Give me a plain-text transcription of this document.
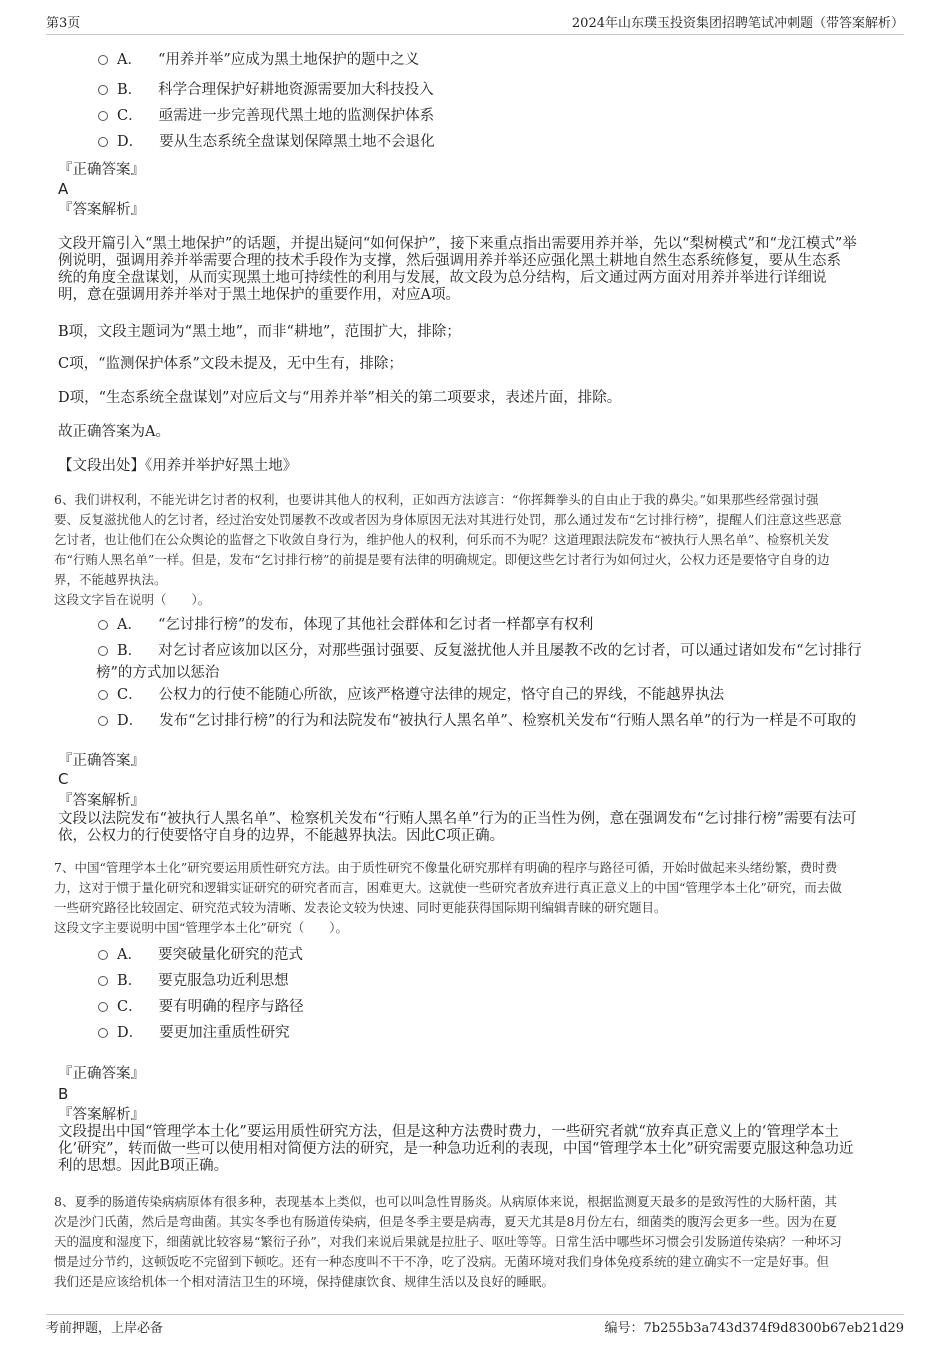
第3页	2024年山东璞玉投资集团招聘笔试冲刺题（带答案解析）
A． “用养并举”应成为黑土地保护的题中之义
B． 科学合理保护好耕地资源需要加大科技投入
C． 亟需进一步完善现代黑土地的监测保护体系
D． 要从生态系统全盘谋划保障黑土地不会退化
『正确答案』
A
『答案解析』
文段开篇引入“黑土地保护”的话题，并提出疑问“如何保护”，接下来重点指出需要用养并举，先以“梨树模式”和“龙江模式”举
例说明，强调用养并举需要合理的技术手段作为支撑，然后强调用养并举还应强化黑土耕地自然生态系统修复，要从生态系
统的角度全盘谋划，从而实现黑土地可持续性的利用与发展，故文段为总分结构，后文通过两方面对用养并举进行详细说
明，意在强调用养并举对于黑土地保护的重要作用，对应A项。
B项，文段主题词为“黑土地”，而非“耕地”，范围扩大，排除；
C项，“监测保护体系”文段未提及，无中生有，排除；
D项，“生态系统全盘谋划”对应后文与“用养并举”相关的第二项要求，表述片面，排除。
故正确答案为A。
【文段出处】《用养并举护好黑土地》
6、我们讲权利，不能光讲乞讨者的权利，也要讲其他人的权利，正如西方法谚言：“你挥舞拳头的自由止于我的鼻尖。”如果那些经常强讨强
要、反复滋扰他人的乞讨者，经过治安处罚屡教不改或者因为身体原因无法对其进行处罚，那么通过发布“乞讨排行榜”，提醒人们注意这些恶意
乞讨者，也让他们在公众舆论的监督之下收敛自身行为，维护他人的权利，何乐而不为呢？这道理跟法院发布“被执行人黑名单”、检察机关发
布“行贿人黑名单”一样。但是，发布“乞讨排行榜”的前提是要有法律的明确规定。即便这些乞讨者行为如何过火，公权力还是要恪守自身的边
界，不能越界执法。
这段文字旨在说明（　　）。
A． “乞讨排行榜”的发布，体现了其他社会群体和乞讨者一样都享有权利
B． 对乞讨者应该加以区分，对那些强讨强要、反复滋扰他人并且屡教不改的乞讨者，可以通过诸如发布“乞讨排行
榜”的方式加以惩治
C． 公权力的行使不能随心所欲，应该严格遵守法律的规定，恪守自己的界线，不能越界执法
D． 发布“乞讨排行榜”的行为和法院发布“被执行人黑名单”、检察机关发布“行贿人黑名单”的行为一样是不可取的
『正确答案』
C
『答案解析』
文段以法院发布“被执行人黑名单”、检察机关发布“行贿人黑名单”行为的正当性为例，意在强调发布“乞讨排行榜”需要有法可
依，公权力的行使要恪守自身的边界，不能越界执法。因此C项正确。
7、中国“管理学本土化”研究要运用质性研究方法。由于质性研究不像量化研究那样有明确的程序与路径可循，开始时做起来头绪纷繁，费时费
力，这对于惯于量化研究和逻辑实证研究的研究者而言，困难更大。这就使一些研究者放弃进行真正意义上的中国“管理学本土化”研究，而去做
一些研究路径比较固定、研究范式较为清晰、发表论文较为快速、同时更能获得国际期刊编辑青睐的研究题目。
这段文字主要说明中国“管理学本土化”研究（　　）。
A． 要突破量化研究的范式
B． 要克服急功近利思想
C． 要有明确的程序与路径
D． 要更加注重质性研究
『正确答案』
B
『答案解析』
文段提出中国“管理学本土化”要运用质性研究方法，但是这种方法费时费力，一些研究者就“放弃真正意义上的‘管理学本土
化’研究”，转而做一些可以使用相对简便方法的研究，是一种急功近利的表现，中国“管理学本土化”研究需要克服这种急功近
利的思想。因此B项正确。
8、夏季的肠道传染病病原体有很多种，表现基本上类似，也可以叫急性胃肠炎。从病原体来说，根据监测夏天最多的是致泻性的大肠杆菌，其
次是沙门氏菌，然后是弯曲菌。其实冬季也有肠道传染病，但是冬季主要是病毒，夏天尤其是8月份左右，细菌类的腹泻会更多一些。因为在夏
天的温度和湿度下，细菌就比较容易“繁衍子孙”，对我们来说后果就是拉肚子、呕吐等等。日常生活中哪些坏习惯会引发肠道传染病？一种坏习
惯是过分节约，这顿饭吃不完留到下顿吃。还有一种态度叫不干不净，吃了没病。无菌环境对我们身体免疫系统的建立确实不一定是好事。但
我们还是应该给机体一个相对清洁卫生的环境，保持健康饮食、规律生活以及良好的睡眠。
考前押题，上岸必备	编号：7b255b3a743d374f9d8300b67eb21d29
